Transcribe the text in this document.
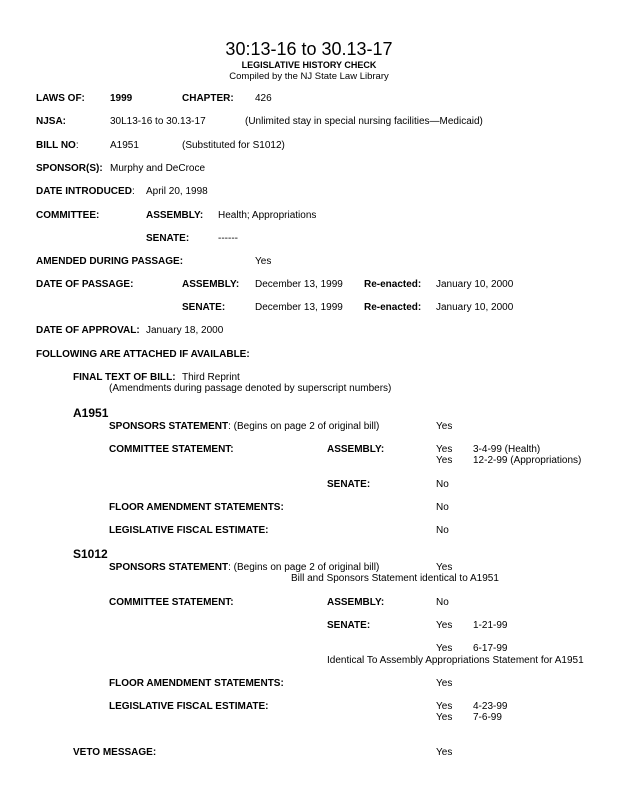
30:13-16 to 30.13-17
LEGISLATIVE HISTORY CHECK
Compiled by the NJ State Law Library
LAWS OF:	1999	CHAPTER: 426
NJSA:	30L13-16 to 30.13-17	(Unlimited stay in special nursing facilities—Medicaid)
BILL NO:	A1951	(Substituted for S1012)
SPONSOR(S): Murphy and DeCroce
DATE INTRODUCED: April 20, 1998
COMMITTEE:	ASSEMBLY: Health; Appropriations
SENATE:	------
AMENDED DURING PASSAGE:	Yes
DATE OF PASSAGE:	ASSEMBLY: December 13, 1999 Re-enacted: January 10, 2000
SENATE:	December 13, 1999 Re-enacted: January 10, 2000
DATE OF APPROVAL: January 18, 2000
FOLLOWING ARE ATTACHED IF AVAILABLE:
FINAL TEXT OF BILL: Third Reprint
(Amendments during passage denoted by superscript numbers)
A1951
SPONSORS STATEMENT: (Begins on page 2 of original bill)	Yes
COMMITTEE STATEMENT:	ASSEMBLY:	Yes 3-4-99 (Health)
Yes 12-2-99 (Appropriations)
SENATE:	No
FLOOR AMENDMENT STATEMENTS:	No
LEGISLATIVE FISCAL ESTIMATE:	No
S1012
SPONSORS STATEMENT: (Begins on page 2 of original bill)	Yes
Bill and Sponsors Statement identical to A1951
COMMITTEE STATEMENT:	ASSEMBLY:	No
SENATE:	Yes 1-21-99
Yes 6-17-99
Identical To Assembly Appropriations Statement for A1951
FLOOR AMENDMENT STATEMENTS:	Yes
LEGISLATIVE FISCAL ESTIMATE:	Yes 4-23-99
Yes 7-6-99
VETO MESSAGE:	Yes
